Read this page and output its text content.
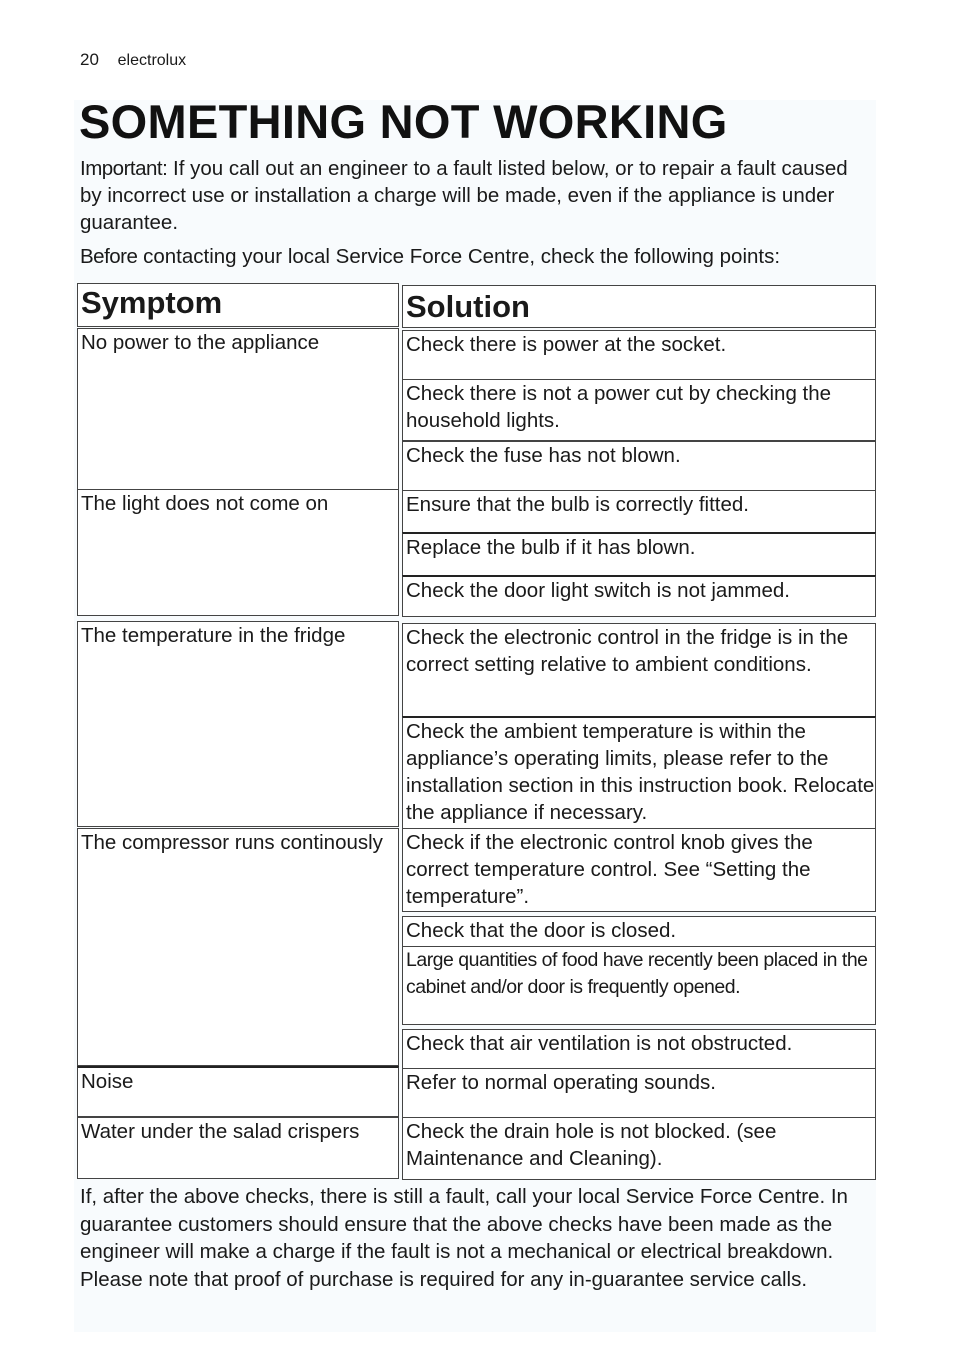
20 electrolux
SOMETHING NOT WORKING

Important: If you call out an engineer to a fault listed below, or to repair a fault caused by incorrect use or installation a charge will be made, even if the appliance is under guarantee.

Before contacting your local Service Force Centre, check the following points:

Symptom	Solution
No power to the appliance
The light does not come on
The temperature in the fridge
The compressor runs continously
Noise
Water under the salad crispers
Check there is power at the socket.
Check there is not a power cut by checking the household lights.
Check the fuse has not blown.
Ensure that the bulb is correctly fitted.
Replace the bulb if it has blown.
Check the door light switch is not jammed.
Check the electronic control in the fridge is in the correct setting relative to ambient conditions.
Check the ambient temperature is within the appliance’s operating limits, please refer to the installation section in this instruction book. Relocate the appliance if necessary.
Check if the electronic control knob gives the correct temperature control. See “Setting the temperature”.
Check that the door is closed.
Large quantities of food have recently been placed in the cabinet and/or door is frequently opened.
Check that air ventilation is not obstructed.
Refer to normal operating sounds.
Check the drain hole is not blocked. (see Maintenance and Cleaning).

If, after the above checks, there is still a fault, call your local Service Force Centre. In guarantee customers should ensure that the above checks have been made as the engineer will make a charge if the fault is not a mechanical or electrical breakdown. Please note that proof of purchase is required for any in-guarantee service calls.
